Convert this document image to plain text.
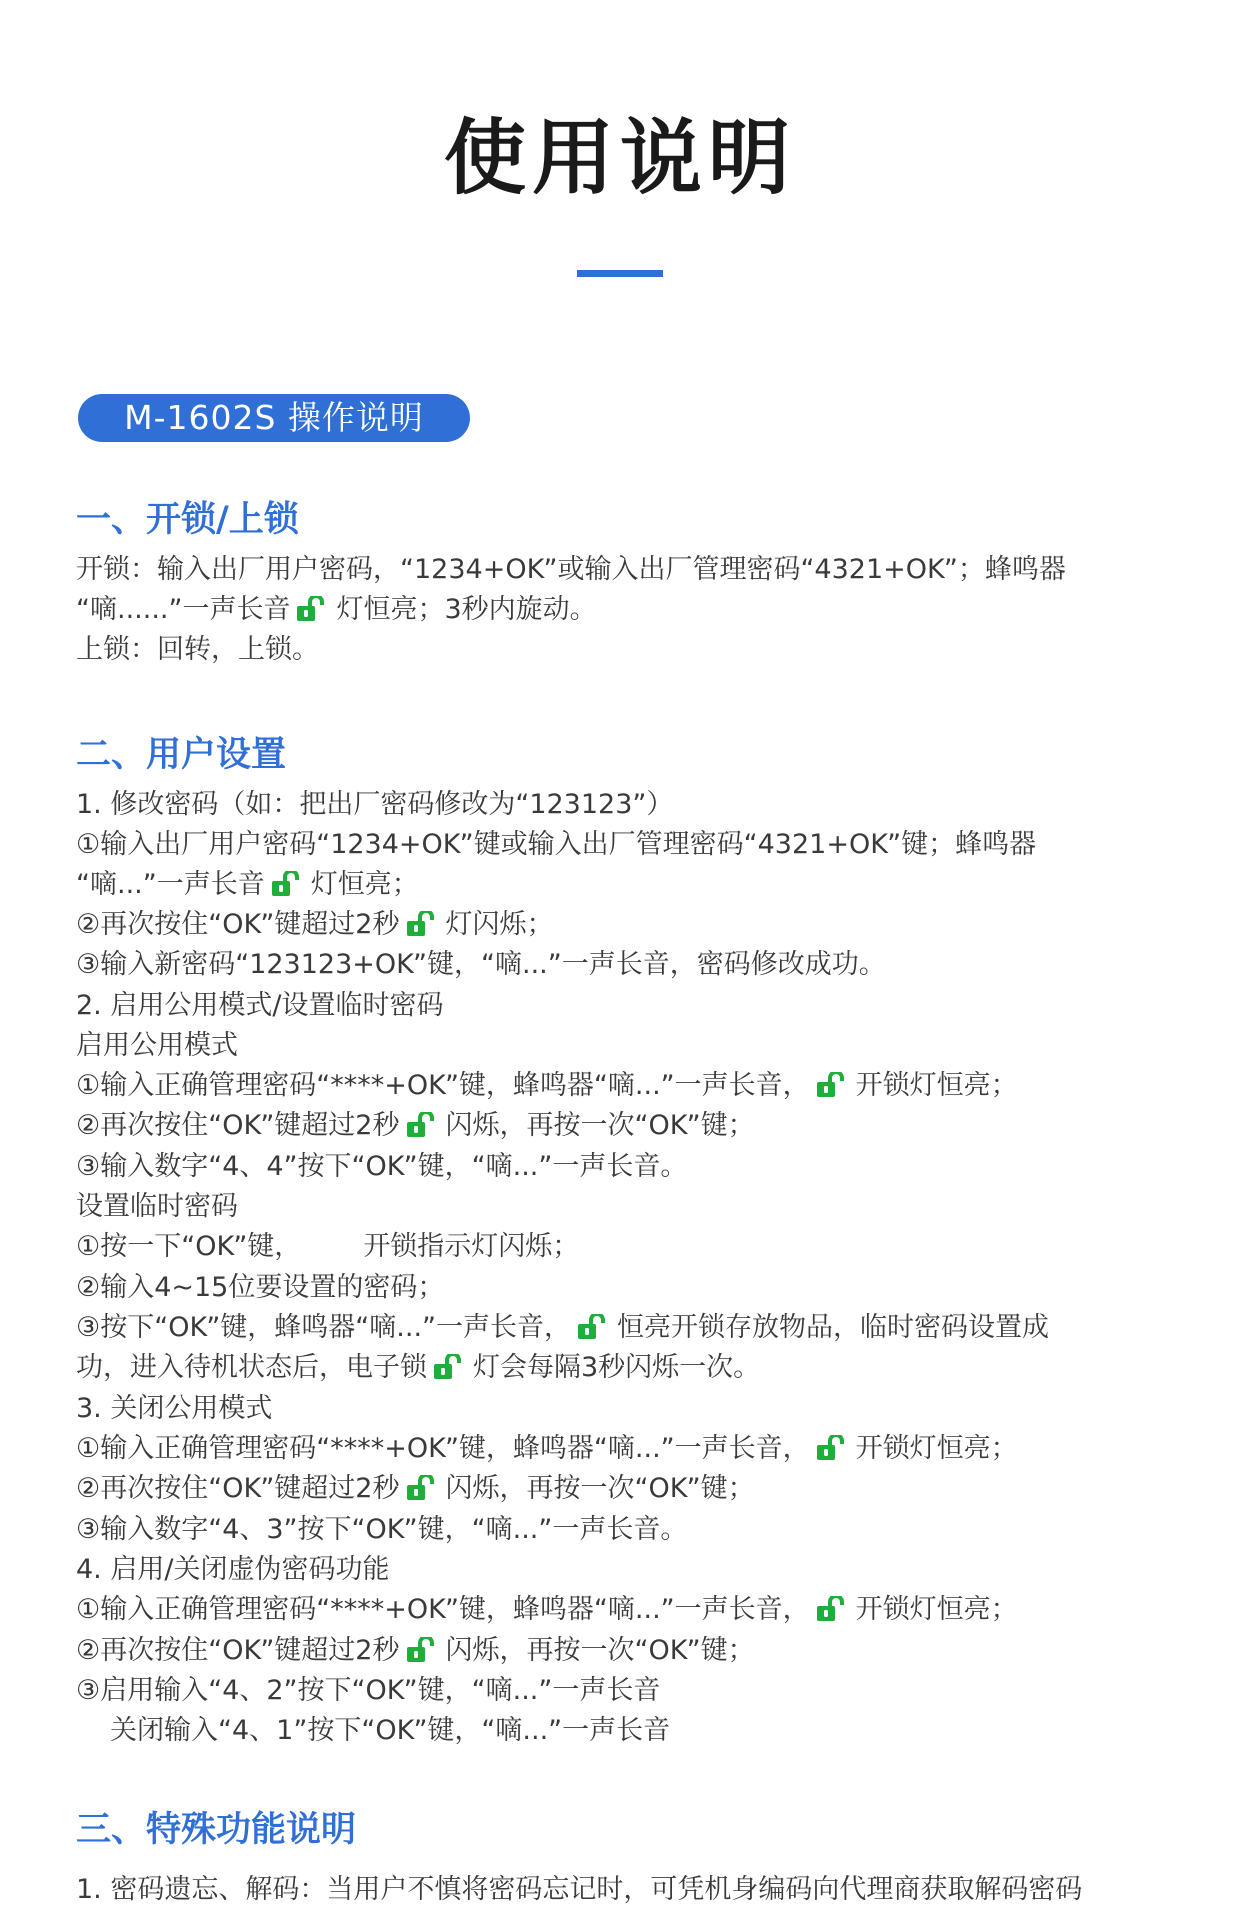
使用说明
M-1602S 操作说明
一、开锁/上锁
开锁：输入出厂用户密码，“1234+OK”或输入出厂管理密码“4321+OK”；蜂鸣器
“嘀......”一声长音 灯恒亮；3秒内旋动。
上锁：回转，上锁。
二、用户设置
1. 修改密码（如：把出厂密码修改为“123123”）
①输入出厂用户密码“1234+OK”键或输入出厂管理密码“4321+OK”键；蜂鸣器
“嘀...”一声长音 灯恒亮；
②再次按住“OK”键超过2秒 灯闪烁；
③输入新密码“123123+OK”键，“嘀...”一声长音，密码修改成功。
2. 启用公用模式/设置临时密码
启用公用模式
①输入正确管理密码“****+OK”键，蜂鸣器“嘀...”一声长音， 开锁灯恒亮；
②再次按住“OK”键超过2秒 闪烁，再按一次“OK”键；
③输入数字“4、4”按下“OK”键，“嘀...”一声长音。
设置临时密码
①按一下“OK”键， 开锁指示灯闪烁；
②输入4~15位要设置的密码；
③按下“OK”键，蜂鸣器“嘀...”一声长音， 恒亮开锁存放物品，临时密码设置成
功，进入待机状态后，电子锁 灯会每隔3秒闪烁一次。
3. 关闭公用模式
①输入正确管理密码“****+OK”键，蜂鸣器“嘀...”一声长音， 开锁灯恒亮；
②再次按住“OK”键超过2秒 闪烁，再按一次“OK”键；
③输入数字“4、3”按下“OK”键，“嘀...”一声长音。
4. 启用/关闭虚伪密码功能
①输入正确管理密码“****+OK”键，蜂鸣器“嘀...”一声长音， 开锁灯恒亮；
②再次按住“OK”键超过2秒 闪烁，再按一次“OK”键；
③启用输入“4、2”按下“OK”键，“嘀...”一声长音
关闭输入“4、1”按下“OK”键，“嘀...”一声长音
三、特殊功能说明
1. 密码遗忘、解码：当用户不慎将密码忘记时，可凭机身编码向代理商获取解码密码
